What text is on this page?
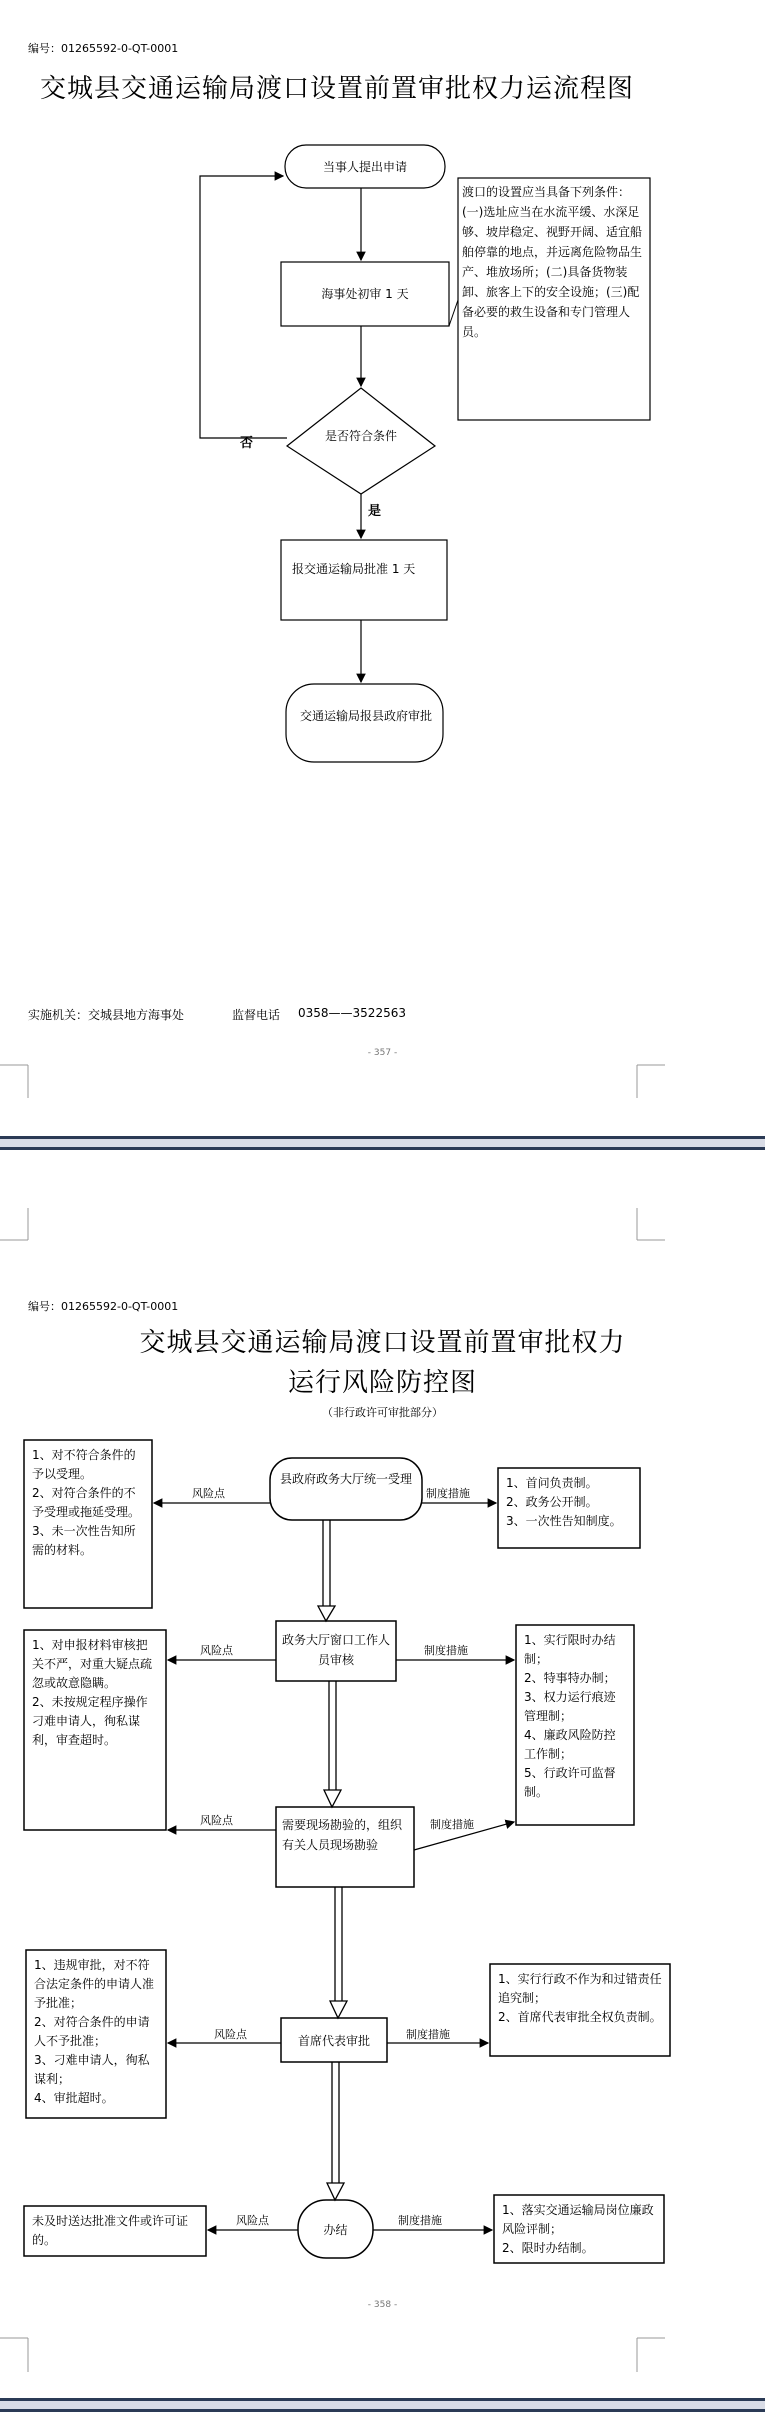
编号：01265592-0-QT-0001
交城县交通运输局渡口设置前置审批权力运流程图
当事人提出申请
海事处初审 1 天
渡口的设置应当具备下列条件：(一)选址应当在水流平缓、水深足够、坡岸稳定、视野开阔、适宜船舶停靠的地点，并远离危险物品生产、堆放场所；(二)具备货物装卸、旅客上下的安全设施；(三)配备必要的救生设备和专门管理人员。
是否符合条件
否
是
报交通运输局批准 1 天
交通运输局报县政府审批
实施机关：交城县地方海事处	监督电话 0358——3522563
- 357 -
编号：01265592-0-QT-0001
交城县交通运输局渡口设置前置审批权力
运行风险防控图
（非行政许可审批部分）
县政府政务大厅统一受理
1、对不符合条件的予以受理。
2、对符合条件的不予受理或拖延受理。
3、未一次性告知所需的材料。
1、首问负责制。
2、政务公开制。
3、一次性告知制度。
风险点	制度措施
政务大厅窗口工作人员审核
1、对申报材料审核把关不严，对重大疑点疏忽或故意隐瞒。
2、未按规定程序操作刁难申请人，徇私谋利，审查超时。
1、实行限时办结制；
2、特事特办制；
3、权力运行痕迹管理制；
4、廉政风险防控工作制；
5、行政许可监督制。
风险点	制度措施
需要现场勘验的，组织有关人员现场勘验
风险点	制度措施
首席代表审批
1、违规审批，对不符合法定条件的申请人准予批准；
2、对符合条件的申请人不予批准；
3、刁难申请人，徇私谋利；
4、审批超时。
1、实行行政不作为和过错责任追究制；
2、首席代表审批全权负责制。
风险点	制度措施
办结
未及时送达批准文件或许可证的。
1、落实交通运输局岗位廉政风险评制；
2、限时办结制。
风险点	制度措施
- 358 -
